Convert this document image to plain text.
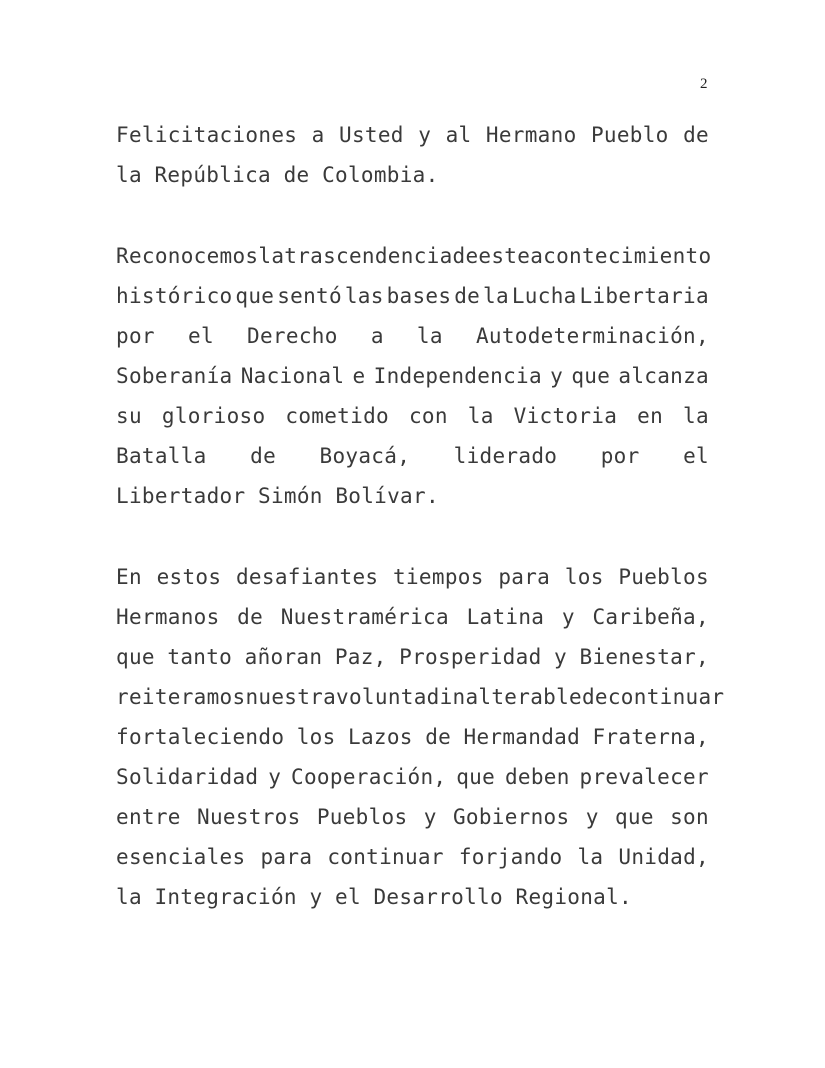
2
Felicitaciones a Usted y al Hermano Pueblo de
la República de Colombia.
Reconocemos la trascendencia de este acontecimiento
histórico que sentó las bases de la Lucha Libertaria
por el Derecho a la Autodeterminación,
Soberanía Nacional e Independencia y que alcanza
su glorioso cometido con la Victoria en la
Batalla de Boyacá, liderado por el
Libertador Simón Bolívar.
En estos desafiantes tiempos para los Pueblos
Hermanos de Nuestramérica Latina y Caribeña,
que tanto añoran Paz, Prosperidad y Bienestar,
reiteramos nuestra voluntad inalterable de continuar
fortaleciendo los Lazos de Hermandad Fraterna,
Solidaridad y Cooperación, que deben prevalecer
entre Nuestros Pueblos y Gobiernos y que son
esenciales para continuar forjando la Unidad,
la Integración y el Desarrollo Regional.
